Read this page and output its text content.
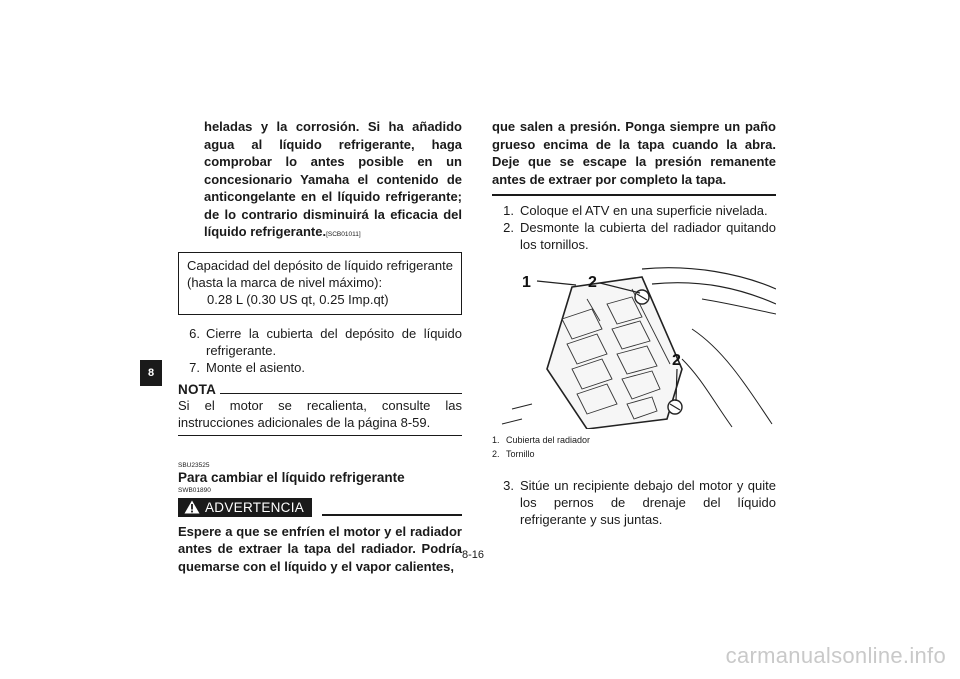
8

heladas y la corrosión. Si ha añadido agua al líquido refrigerante, haga comprobar lo antes posible en un concesionario Yamaha el contenido de anticongelante en el líquido refrigerante; de lo contrario disminuirá la eficacia del líquido refrigerante.[SCB01011]

Capacidad del depósito de líquido refrigerante
(hasta la marca de nivel máximo):
0.28 L (0.30 US qt, 0.25 Imp.qt)
6. Cierre la cubierta del depósito de líquido refrigerante.
7. Monte el asiento.
NOTA

Si el motor se recalienta, consulte las instrucciones adicionales de la página 8-59.

SBU23525
Para cambiar el líquido refrigerante
SWB01890
ADVERTENCIA

Espere a que se enfríen el motor y el radiador antes de extraer la tapa del radiador. Podría quemarse con el líquido y el vapor calientes,

que salen a presión. Ponga siempre un paño grueso encima de la tapa cuando la abra. Deje que se escape la presión remanente antes de extraer por completo la tapa.

1. Coloque el ATV en una superficie nivelada.
2. Desmonte la cubierta del radiador quitando los tornillos.
1	2
2
1. Cubierta del radiador
2. Tornillo
3. Sitúe un recipiente debajo del motor y quite los pernos de drenaje del líquido refrigerante y sus juntas.
8-16
carmanualsonline.info
